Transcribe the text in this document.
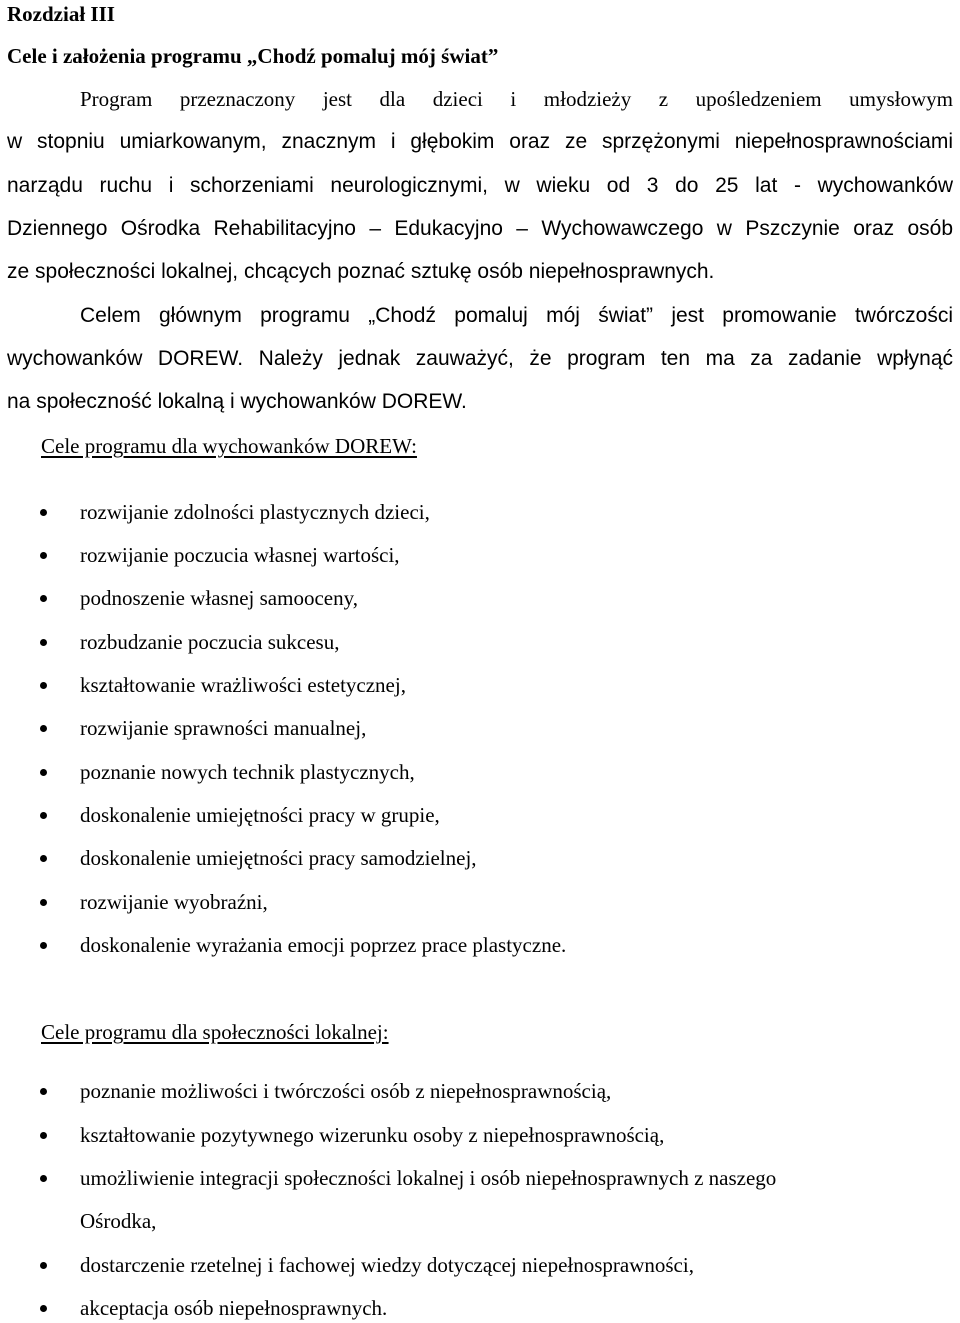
Rozdział III
Cele i założenia programu „Chodź pomaluj mój świat”
Program przeznaczony jest dla dzieci i młodzieży z upośledzeniem umysłowym
w stopniu umiarkowanym, znacznym i głębokim oraz ze sprzężonymi niepełnosprawnościami
narządu ruchu i schorzeniami neurologicznymi, w wieku od 3 do 25 lat - wychowanków
Dziennego Ośrodka Rehabilitacyjno – Edukacyjno – Wychowawczego w Pszczynie oraz osób
ze społeczności lokalnej, chcących poznać sztukę osób niepełnosprawnych.
Celem głównym programu „Chodź pomaluj mój świat” jest promowanie twórczości
wychowanków DOREW. Należy jednak zauważyć, że program ten ma za zadanie wpłynąć
na społeczność lokalną i wychowanków DOREW.
Cele programu dla wychowanków DOREW:
rozwijanie zdolności plastycznych dzieci,
rozwijanie poczucia własnej wartości,
podnoszenie własnej samooceny,
rozbudzanie poczucia sukcesu,
kształtowanie wrażliwości estetycznej,
rozwijanie sprawności manualnej,
poznanie nowych technik plastycznych,
doskonalenie umiejętności pracy w grupie,
doskonalenie umiejętności pracy samodzielnej,
rozwijanie wyobraźni,
doskonalenie wyrażania emocji poprzez prace plastyczne.
Cele programu dla społeczności lokalnej:
poznanie możliwości i twórczości osób z niepełnosprawnością,
kształtowanie pozytywnego wizerunku osoby z niepełnosprawnością,
umożliwienie integracji społeczności lokalnej i osób niepełnosprawnych z naszego
Ośrodka,
dostarczenie rzetelnej i fachowej wiedzy dotyczącej niepełnosprawności,
akceptacja osób niepełnosprawnych.
